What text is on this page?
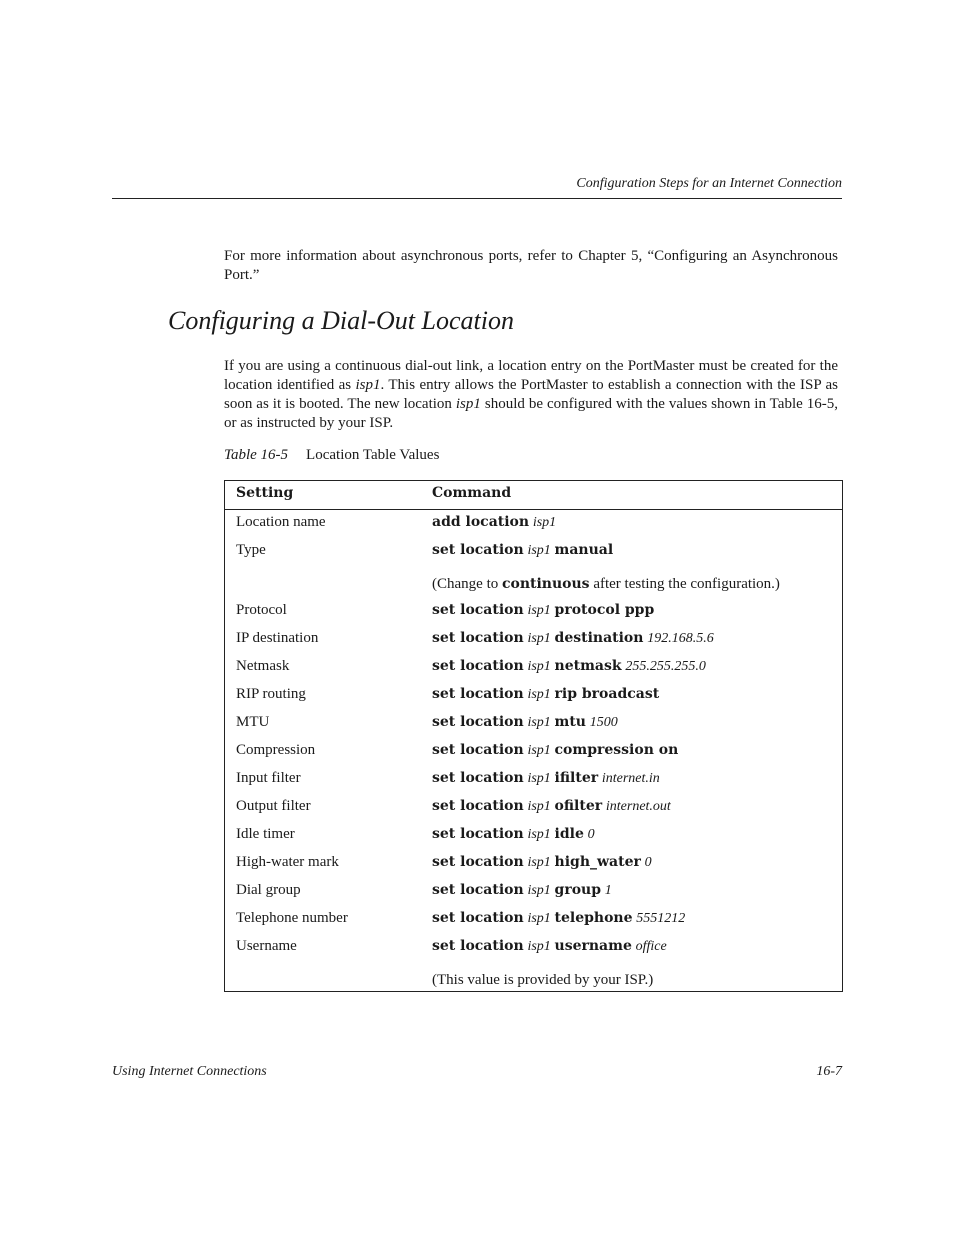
Configuration Steps for an Internet Connection

For more information about asynchronous ports, refer to Chapter 5, “Configuring an Asynchronous Port.”

Configuring a Dial-Out Location

If you are using a continuous dial-out link, a location entry on the PortMaster must be created for the location identified as isp1. This entry allows the PortMaster to establish a connection with the ISP as soon as it is booted. The new location isp1 should be configured with the values shown in Table 16-5, or as instructed by your ISP.

Table 16-5 Location Table Values
Setting	Command
Location name	add location isp1
Type	set location isp1 manual
(Change to continuous after testing the configuration.)
Protocol	set location isp1 protocol ppp
IP destination	set location isp1 destination 192.168.5.6
Netmask	set location isp1 netmask 255.255.255.0
RIP routing	set location isp1 rip broadcast
MTU	set location isp1 mtu 1500
Compression	set location isp1 compression on
Input filter	set location isp1 ifilter internet.in
Output filter	set location isp1 ofilter internet.out
Idle timer	set location isp1 idle 0
High-water mark	set location isp1 high_water 0
Dial group	set location isp1 group 1
Telephone number	set location isp1 telephone 5551212
Username	set location isp1 username office
(This value is provided by your ISP.)
Using Internet Connections	16-7
